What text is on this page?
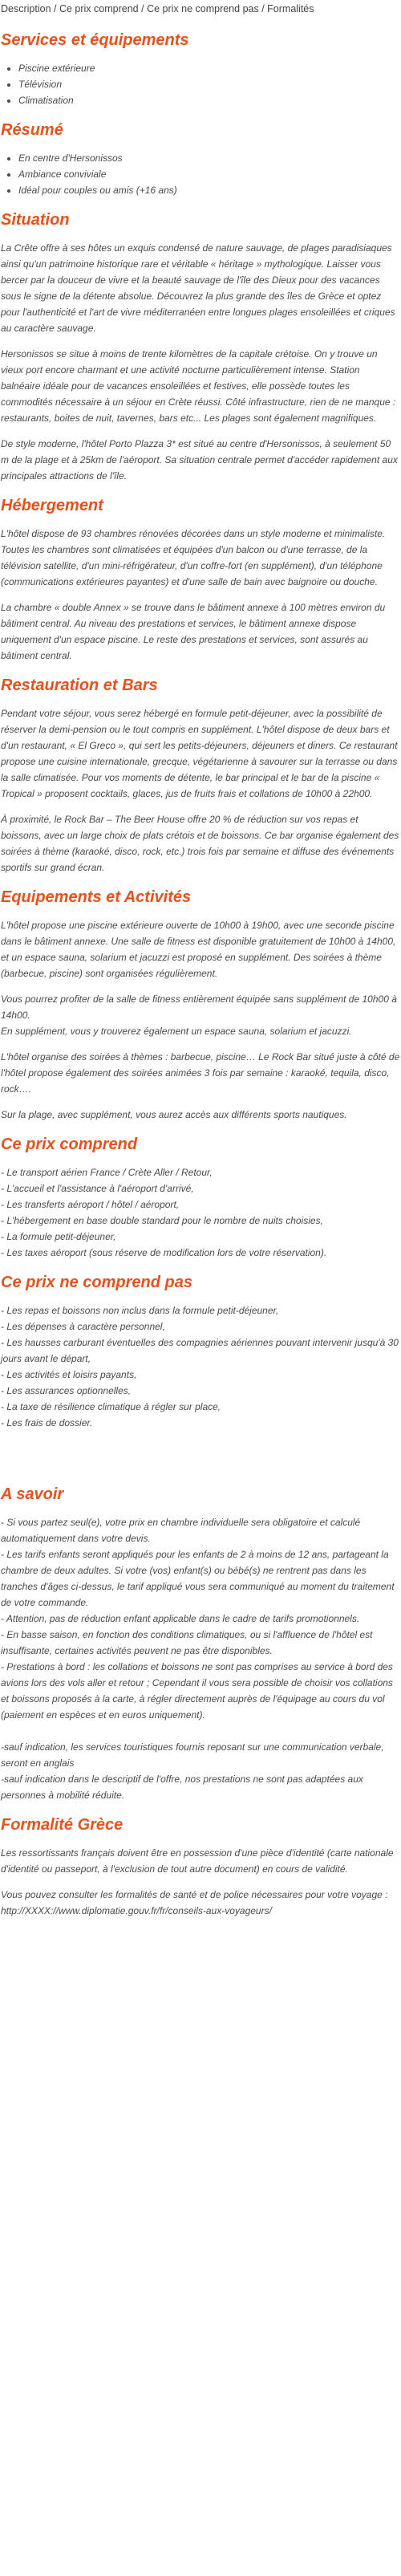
Description / Ce prix comprend / Ce prix ne comprend pas / Formalités
Services et équipements
• Piscine extérieure
• Télévision
• Climatisation
Résumé
• En centre d'Hersonissos
• Ambiance conviviale
• Idéal pour couples ou amis (+16 ans)
Situation

La Crête offre à ses hôtes un exquis condensé de nature sauvage, de plages paradisiaques ainsi qu'un patrimoine historique rare et véritable « héritage » mythologique. Laisser vous bercer par la douceur de vivre et la beauté sauvage de l'île des Dieux pour des vacances sous le signe de la détente absolue. Découvrez la plus grande des îles de Grèce et optez pour l'authenticité et l'art de vivre méditerranéen entre longues plages ensoleillées et criques au caractère sauvage.

Hersonissos se situe à moins de trente kilomètres de la capitale crétoise. On y trouve un vieux port encore charmant et une activité nocturne particulièrement intense. Station balnéaire idéale pour de vacances ensoleillées et festives, elle possède toutes les commodités nécessaire à un séjour en Crète réussi. Côté infrastructure, rien de ne manque : restaurants, boites de nuit, tavernes, bars etc... Les plages sont également magnifiques.

De style moderne, l'hôtel Porto Plazza 3* est situé au centre d'Hersonissos, à seulement 50 m de la plage et à 25km de l'aéroport. Sa situation centrale permet d'accéder rapidement aux principales attractions de l'île.

Hébergement

L'hôtel dispose de 93 chambres rénovées décorées dans un style moderne et minimaliste. Toutes les chambres sont climatisées et équipées d'un balcon ou d'une terrasse, de la télévision satellite, d'un mini-réfrigérateur, d'un coffre-fort (en supplément), d'un téléphone (communications extérieures payantes) et d'une salle de bain avec baignoire ou douche.

La chambre « double Annex » se trouve dans le bâtiment annexe à 100 mètres environ du bâtiment central. Au niveau des prestations et services, le bâtiment annexe dispose uniquement d'un espace piscine. Le reste des prestations et services, sont assurés au bâtiment central.

Restauration et Bars

Pendant votre séjour, vous serez hébergé en formule petit-déjeuner, avec la possibilité de réserver la demi-pension ou le tout compris en supplément. L'hôtel dispose de deux bars et d'un restaurant, « El Greco », qui sert les petits-déjeuners, déjeuners et diners. Ce restaurant propose une cuisine internationale, grecque, végétarienne à savourer sur la terrasse ou dans la salle climatisée. Pour vos moments de détente, le bar principal et le bar de la piscine « Tropical » proposent cocktails, glaces, jus de fruits frais et collations de 10h00 à 22h00.

À proximité, le Rock Bar – The Beer House offre 20 % de réduction sur vos repas et boissons, avec un large choix de plats crétois et de boissons. Ce bar organise également des soirées à thème (karaoké, disco, rock, etc.) trois fois par semaine et diffuse des événements sportifs sur grand écran.

Equipements et Activités

L'hôtel propose une piscine extérieure ouverte de 10h00 à 19h00, avec une seconde piscine dans le bâtiment annexe. Une salle de fitness est disponible gratuitement de 10h00 à 14h00, et un espace sauna, solarium et jacuzzi est proposé en supplément. Des soirées à thème (barbecue, piscine) sont organisées régulièrement.

Vous pourrez profiter de la salle de fitness entièrement équipée sans supplément de 10h00 à 14h00.
En supplément, vous y trouverez également un espace sauna, solarium et jacuzzi.

L'hôtel organise des soirées à thèmes : barbecue, piscine… Le Rock Bar situé juste à côté de l'hôtel propose également des soirées animées 3 fois par semaine : karaoké, tequila, disco, rock….

Sur la plage, avec supplément, vous aurez accès aux différents sports nautiques.

Ce prix comprend
- Le transport aérien France / Crète Aller / Retour,
- L'accueil et l'assistance à l'aéroport d'arrivé,
- Les transferts aéroport / hôtel / aéroport,
- L'hébergement en base double standard pour le nombre de nuits choisies,
- La formule petit-déjeuner,
- Les taxes aéroport (sous réserve de modification lors de votre réservation).
Ce prix ne comprend pas
- Les repas et boissons non inclus dans la formule petit-déjeuner,
- Les dépenses à caractère personnel,
- Les hausses carburant éventuelles des compagnies aériennes pouvant intervenir jusqu'à 30 jours avant le départ,
- Les activités et loisirs payants,
- Les assurances optionnelles,
- La taxe de résilience climatique à régler sur place,
- Les frais de dossier.
A savoir
- Si vous partez seul(e), votre prix en chambre individuelle sera obligatoire et calculé automatiquement dans votre devis.
- Les tarifs enfants seront appliqués pour les enfants de 2 à moins de 12 ans, partageant la chambre de deux adultes. Si votre (vos) enfant(s) ou bébé(s) ne rentrent pas dans les tranches d'âges ci-dessus, le tarif appliqué vous sera communiqué au moment du traitement de votre commande.
- Attention, pas de réduction enfant applicable dans le cadre de tarifs promotionnels.
- En basse saison, en fonction des conditions climatiques, ou si l'affluence de l'hôtel est insuffisante, certaines activités peuvent ne pas être disponibles.
- Prestations à bord : les collations et boissons ne sont pas comprises au service à bord des avions lors des vols aller et retour ; Cependant il vous sera possible de choisir vos collations et boissons proposés à la carte, à régler directement auprès de l'équipage au cours du vol (paiement en espèces et en euros uniquement).
-sauf indication, les services touristiques fournis reposant sur une communication verbale, seront en anglais
-sauf indication dans le descriptif de l'offre, nos prestations ne sont pas adaptées aux personnes à mobilité réduite.
Formalité Grèce

Les ressortissants français doivent être en possession d'une pièce d'identité (carte nationale d'identité ou passeport, à l'exclusion de tout autre document) en cours de validité.

Vous pouvez consulter les formalités de santé et de police nécessaires pour votre voyage : http://XXXX://www.diplomatie.gouv.fr/fr/conseils-aux-voyageurs/
